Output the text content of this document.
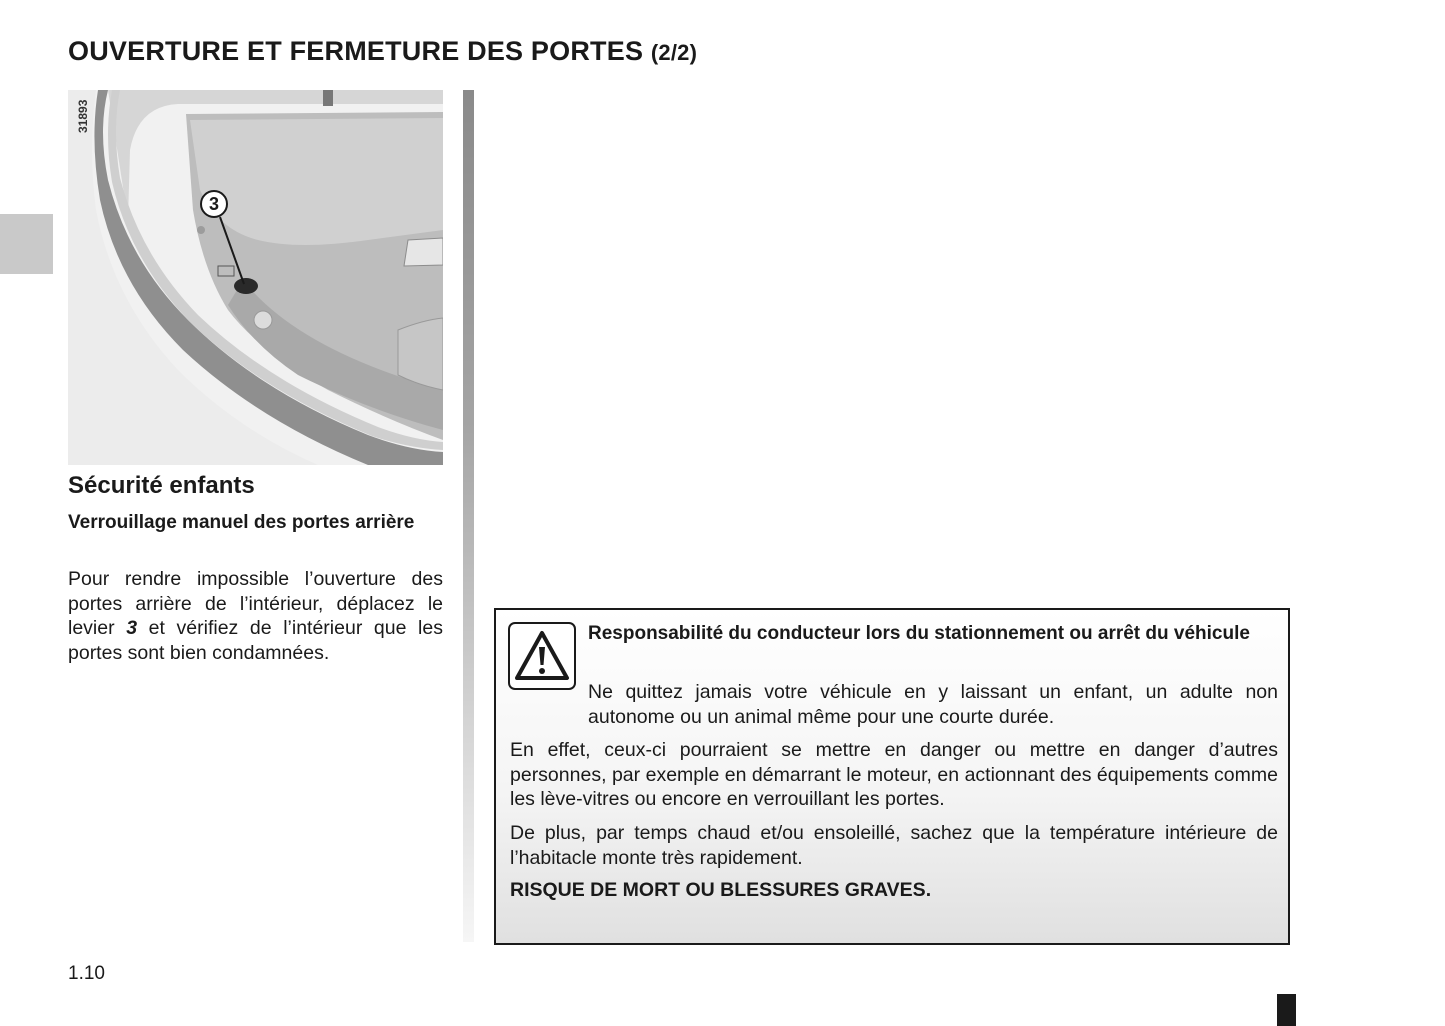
OUVERTURE ET FERMETURE DES PORTES (2/2)
3
31893
Sécurité enfants

Verrouillage manuel des portes arrière

Pour rendre impossible l’ouverture des portes arrière de l’intérieur, déplacez le levier 3 et vérifiez de l’intérieur que les portes sont bien condamnées.

Responsabilité du conducteur lors du stationnement ou arrêt du véhicule

Ne quittez jamais votre véhicule en y laissant un enfant, un adulte non autonome ou un animal même pour une courte durée.

En effet, ceux-ci pourraient se mettre en danger ou mettre en danger d’autres personnes, par exemple en démarrant le moteur, en actionnant des équipements comme les lève-vitres ou encore en verrouillant les portes.

De plus, par temps chaud et/ou ensoleillé, sachez que la température intérieure de l’habitacle monte très rapidement.

RISQUE DE MORT OU BLESSURES GRAVES.

1.10
